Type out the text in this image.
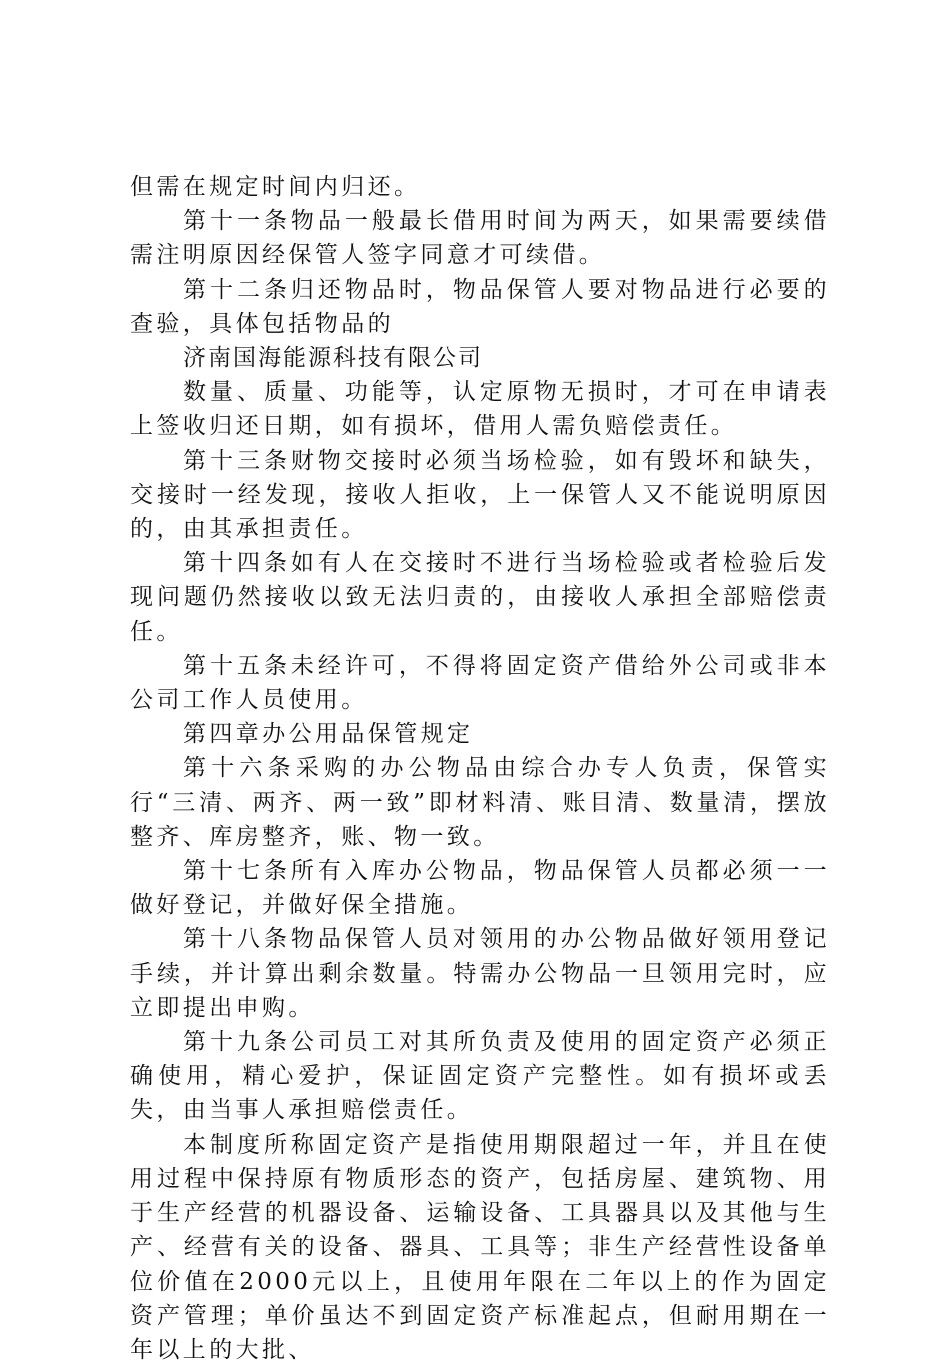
但需在规定时间内归还。

第十一条物品一般最长借用时间为两天，如果需要续借需注明原因经保管人签字同意才可续借。

第十二条归还物品时，物品保管人要对物品进行必要的查验，具体包括物品的

济南国海能源科技有限公司

数量、质量、功能等，认定原物无损时，才可在申请表上签收归还日期，如有损坏，借用人需负赔偿责任。

第十三条财物交接时必须当场检验，如有毁坏和缺失，交接时一经发现，接收人拒收，上一保管人又不能说明原因的，由其承担责任。

第十四条如有人在交接时不进行当场检验或者检验后发现问题仍然接收以致无法归责的，由接收人承担全部赔偿责任。

第十五条未经许可，不得将固定资产借给外公司或非本公司工作人员使用。

第四章办公用品保管规定

第十六条采购的办公物品由综合办专人负责，保管实行“三清、两齐、两一致”即材料清、账目清、数量清，摆放整齐、库房整齐，账、物一致。

第十七条所有入库办公物品，物品保管人员都必须一一做好登记，并做好保全措施。

第十八条物品保管人员对领用的办公物品做好领用登记手续，并计算出剩余数量。特需办公物品一旦领用完时，应立即提出申购。

第十九条公司员工对其所负责及使用的固定资产必须正确使用，精心爱护，保证固定资产完整性。如有损坏或丢失，由当事人承担赔偿责任。

本制度所称固定资产是指使用期限超过一年，并且在使用过程中保持原有物质形态的资产，包括房屋、建筑物、用于生产经营的机器设备、运输设备、工具器具以及其他与生产、经营有关的设备、器具、工具等；非生产经营性设备单位价值在2000元以上，且使用年限在二年以上的作为固定资产管理；单价虽达不到固定资产标准起点，但耐用期在一年以上的大批、
